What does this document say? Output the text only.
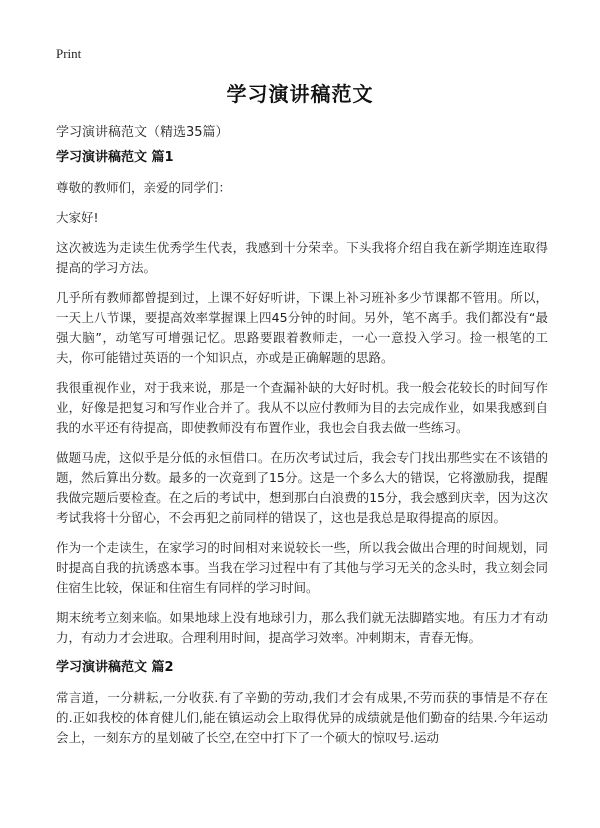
Print
学习演讲稿范文
学习演讲稿范文（精选35篇）
学习演讲稿范文 篇1

尊敬的教师们，亲爱的同学们：

大家好!

这次被选为走读生优秀学生代表，我感到十分荣幸。下头我将介绍自我在新学期连连取得提高的学习方法。

几乎所有教师都曾提到过，上课不好好听讲，下课上补习班补多少节课都不管用。所以，一天上八节课，要提高效率掌握课上四45分钟的时间。另外，笔不离手。我们都没有“最强大脑”，动笔写可增强记忆。思路要跟着教师走，一心一意投入学习。捡一根笔的工夫，你可能错过英语的一个知识点，亦或是正确解题的思路。

我很重视作业，对于我来说，那是一个查漏补缺的大好时机。我一般会花较长的时间写作业，好像是把复习和写作业合并了。我从不以应付教师为目的去完成作业，如果我感到自我的水平还有待提高，即使教师没有布置作业，我也会自我去做一些练习。

做题马虎，这似乎是分低的永恒借口。在历次考试过后，我会专门找出那些实在不该错的题，然后算出分数。最多的一次竟到了15分。这是一个多么大的错误，它将激励我，提醒我做完题后要检查。在之后的考试中，想到那白白浪费的15分，我会感到庆幸，因为这次考试我将十分留心，不会再犯之前同样的错误了，这也是我总是取得提高的原因。

作为一个走读生，在家学习的时间相对来说较长一些，所以我会做出合理的时间规划，同时提高自我的抗诱惑本事。当我在学习过程中有了其他与学习无关的念头时，我立刻会同住宿生比较，保证和住宿生有同样的学习时间。

期末统考立刻来临。如果地球上没有地球引力，那么我们就无法脚踏实地。有压力才有动力，有动力才会进取。合理利用时间，提高学习效率。冲刺期末，青春无悔。

学习演讲稿范文 篇2

常言道，一分耕耘,一分收获.有了辛勤的劳动,我们才会有成果,不劳而获的事情是不存在的.正如我校的体育健儿们,能在镇运动会上取得优异的成绩就是他们勤奋的结果.今年运动会上，一刻东方的星划破了长空,在空中打下了一个硕大的惊叹号.运动
